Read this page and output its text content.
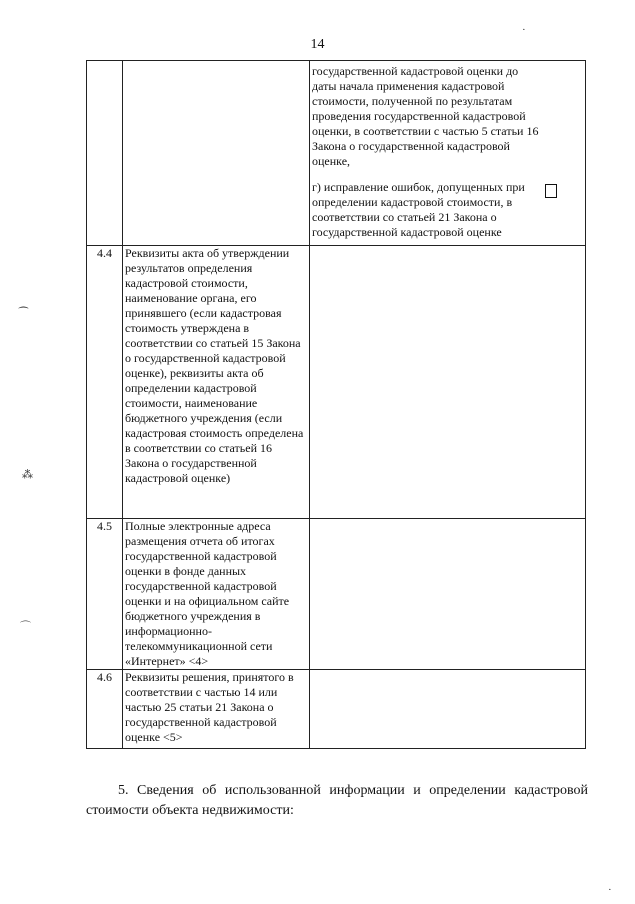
14

		государственной кадастровой оценки до даты начала применения кадастровой стоимости, полученной по результатам проведения государственной кадастровой оценки, в соответствии с частью 5 статьи 16 Закона о государственной кадастровой оценке,
г) исправление ошибок, допущенных при определении кадастровой стоимости, в соответствии со статьей 21 Закона о государственной кадастровой оценке

4.4	Реквизиты акта об утверждении результатов определения кадастровой стоимости, наименование органа, его принявшего (если кадастровая стоимость утверждена в соответствии со статьей 15 Закона о государственной кадастровой оценке), реквизиты акта об определении кадастровой стоимости, наименование бюджетного учреждения (если кадастровая стоимость определена в соответствии со статьей 16 Закона о государственной кадастровой оценке)	
4.5	Полные электронные адреса размещения отчета об итогах государственной кадастровой оценки в фонде данных государственной кадастровой оценки и на официальном сайте бюджетного учреждения в информационно-телекоммуникационной сети «Интернет» <4>	
4.6	Реквизиты решения, принятого в соответствии с частью 14 или частью 25 статьи 21 Закона о государственной кадастровой оценке <5>	
5. Сведения об использованной информации и определении кадастровой стоимости объекта недвижимости:
⁀
⁂
⌒
·
·
